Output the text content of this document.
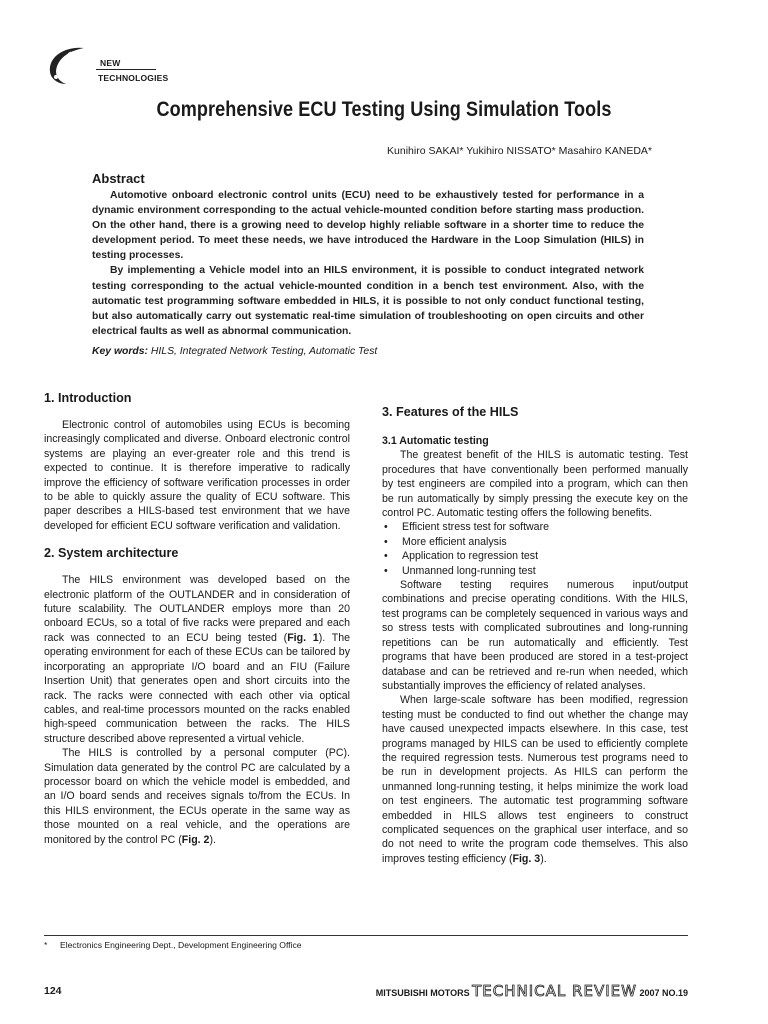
NEW
TECHNOLOGIES
Comprehensive ECU Testing Using Simulation Tools
Kunihiro SAKAI* Yukihiro NISSATO* Masahiro KANEDA*
Abstract

Automotive onboard electronic control units (ECU) need to be exhaustively tested for performance in a dynamic environment corresponding to the actual vehicle-mounted condition before starting mass production. On the other hand, there is a growing need to develop highly reliable software in a shorter time to reduce the development period. To meet these needs, we have introduced the Hardware in the Loop Simulation (HILS) in testing processes.

By implementing a Vehicle model into an HILS environment, it is possible to conduct integrated network testing corresponding to the actual vehicle-mounted condition in a bench test environment. Also, with the automatic test programming software embedded in HILS, it is possible to not only conduct functional testing, but also automatically carry out systematic real-time simulation of troubleshooting on open circuits and other electrical faults as well as abnormal communication.

Key words: HILS, Integrated Network Testing, Automatic Test
1. Introduction

Electronic control of automobiles using ECUs is becoming increasingly complicated and diverse. Onboard electronic control systems are playing an ever-greater role and this trend is expected to continue. It is therefore imperative to radically improve the efficiency of software verification processes in order to be able to quickly assure the quality of ECU software. This paper describes a HILS-based test environment that we have developed for efficient ECU software verification and validation.

2. System architecture

The HILS environment was developed based on the electronic platform of the OUTLANDER and in consideration of future scalability. The OUTLANDER employs more than 20 onboard ECUs, so a total of five racks were prepared and each rack was connected to an ECU being tested (Fig. 1). The operating environment for each of these ECUs can be tailored by incorporating an appropriate I/O board and an FIU (Failure Insertion Unit) that generates open and short circuits into the rack. The racks were connected with each other via optical cables, and real-time processors mounted on the racks enabled high-speed communication between the racks. The HILS structure described above represented a virtual vehicle.

The HILS is controlled by a personal computer (PC). Simulation data generated by the control PC are calculated by a processor board on which the vehicle model is embedded, and an I/O board sends and receives signals to/from the ECUs. In this HILS environment, the ECUs operate in the same way as those mounted on a real vehicle, and the operations are monitored by the control PC (Fig. 2).

3. Features of the HILS
3.1 Automatic testing

The greatest benefit of the HILS is automatic testing. Test procedures that have conventionally been performed manually by test engineers are compiled into a program, which can then be run automatically by simply pressing the execute key on the control PC. Automatic testing offers the following benefits.

• Efficient stress test for software
• More efficient analysis
• Application to regression test
• Unmanned long-running test

Software testing requires numerous input/output combinations and precise operating conditions. With the HILS, test programs can be completely sequenced in various ways and so stress tests with complicated subroutines and long-running repetitions can be run automatically and efficiently. Test programs that have been produced are stored in a test-project database and can be retrieved and re-run when needed, which substantially improves the efficiency of related analyses.

When large-scale software has been modified, regression testing must be conducted to find out whether the change may have caused unexpected impacts elsewhere. In this case, test programs managed by HILS can be used to efficiently complete the required regression tests. Numerous test programs need to be run in development projects. As HILS can perform the unmanned long-running testing, it helps minimize the work load on test engineers. The automatic test programming software embedded in HILS allows test engineers to construct complicated sequences on the graphical user interface, and so do not need to write the program code themselves. This also improves testing efficiency (Fig. 3).

* Electronics Engineering Dept., Development Engineering Office
124	MITSUBISHI MOTORS TECHNICAL REVIEW 2007 NO.19
